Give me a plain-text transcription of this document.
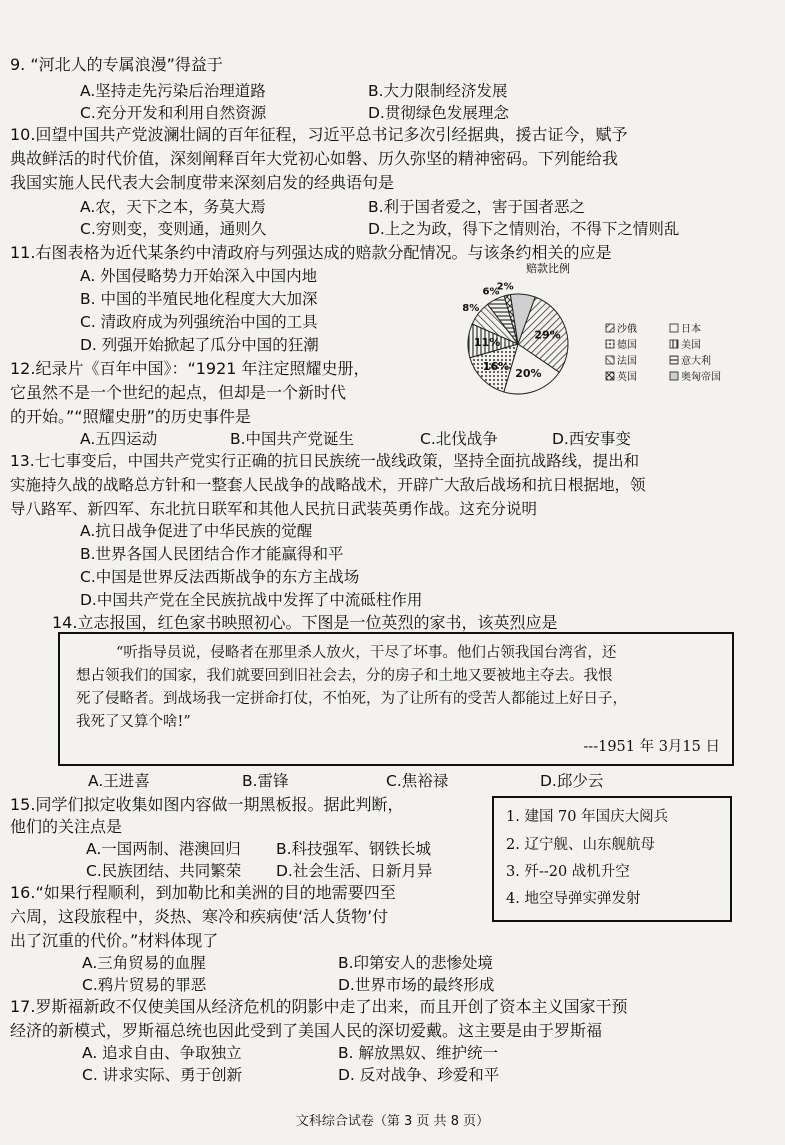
9. “河北人的专属浪漫”得益于
A.坚持走先污染后治理道路	B.大力限制经济发展
C.充分开发和利用自然资源	D.贯彻绿色发展理念
10.回望中国共产党波澜壮阔的百年征程，习近平总书记多次引经据典，援古证今，赋予
典故鲜活的时代价值，深刻阐释百年大党初心如磐、历久弥坚的精神密码。下列能给我
我国实施人民代表大会制度带来深刻启发的经典语句是
A.农，天下之本，务莫大焉	B.利于国者爱之，害于国者恶之
C.穷则变，变则通，通则久	D.上之为政，得下之情则治，不得下之情则乱
11.右图表格为近代某条约中清政府与列强达成的赔款分配情况。与该条约相关的应是
A. 外国侵略势力开始深入中国内地
B. 中国的半殖民地化程度大大加深
C. 清政府成为列强统治中国的工具
D. 列强开始掀起了瓜分中国的狂潮
赔款比例
29%
20%
16%
11%
8%
6%
2%
沙俄	日本
德国	美国
法国	意大利
英国	奥匈帝国
12.纪录片《百年中国》：“1921 年注定照耀史册，
它虽然不是一个世纪的起点，但却是一个新时代
的开始。”“照耀史册”的历史事件是
A.五四运动	B.中国共产党诞生	C.北伐战争	D.西安事变
13.七七事变后，中国共产党实行正确的抗日民族统一战线政策，坚持全面抗战路线，提出和
实施持久战的战略总方针和一整套人民战争的战略战术，开辟广大敌后战场和抗日根据地，领
导八路军、新四军、东北抗日联军和其他人民抗日武装英勇作战。这充分说明
A.抗日战争促进了中华民族的觉醒
B.世界各国人民团结合作才能赢得和平
C.中国是世界反法西斯战争的东方主战场
D.中国共产党在全民族抗战中发挥了中流砥柱作用
14.立志报国，红色家书映照初心。下图是一位英烈的家书，该英烈应是
“听指导员说，侵略者在那里杀人放火，干尽了坏事。他们占领我国台湾省，还
想占领我们的国家，我们就要回到旧社会去，分的房子和土地又要被地主夺去。我恨
死了侵略者。到战场我一定拼命打仗，不怕死，为了让所有的受苦人都能过上好日子，
我死了又算个啥!”
---1951 年 3月15 日
A.王进喜	B.雷锋	C.焦裕禄	D.邱少云
15.同学们拟定收集如图内容做一期黑板报。据此判断，
他们的关注点是
A.一国两制、港澳回归 B.科技强军、钢铁长城
C.民族团结、共同繁荣 D.社会生活、日新月异
1. 建国 70 年国庆大阅兵
2. 辽宁舰、山东舰航母
3. 歼--20 战机升空
4. 地空导弹实弹发射
16.“如果行程顺利，到加勒比和美洲的目的地需要四至
六周，这段旅程中，炎热、寒冷和疾病使‘活人货物’付
出了沉重的代价。”材料体现了
A.三角贸易的血腥	B.印第安人的悲惨处境
C.鸦片贸易的罪恶	D.世界市场的最终形成
17.罗斯福新政不仅使美国从经济危机的阴影中走了出来，而且开创了资本主义国家干预
经济的新模式，罗斯福总统也因此受到了美国人民的深切爱戴。这主要是由于罗斯福
A. 追求自由、争取独立	B. 解放黑奴、维护统一
C. 讲求实际、勇于创新	D. 反对战争、珍爱和平
文科综合试卷（第 3 页 共 8 页）
